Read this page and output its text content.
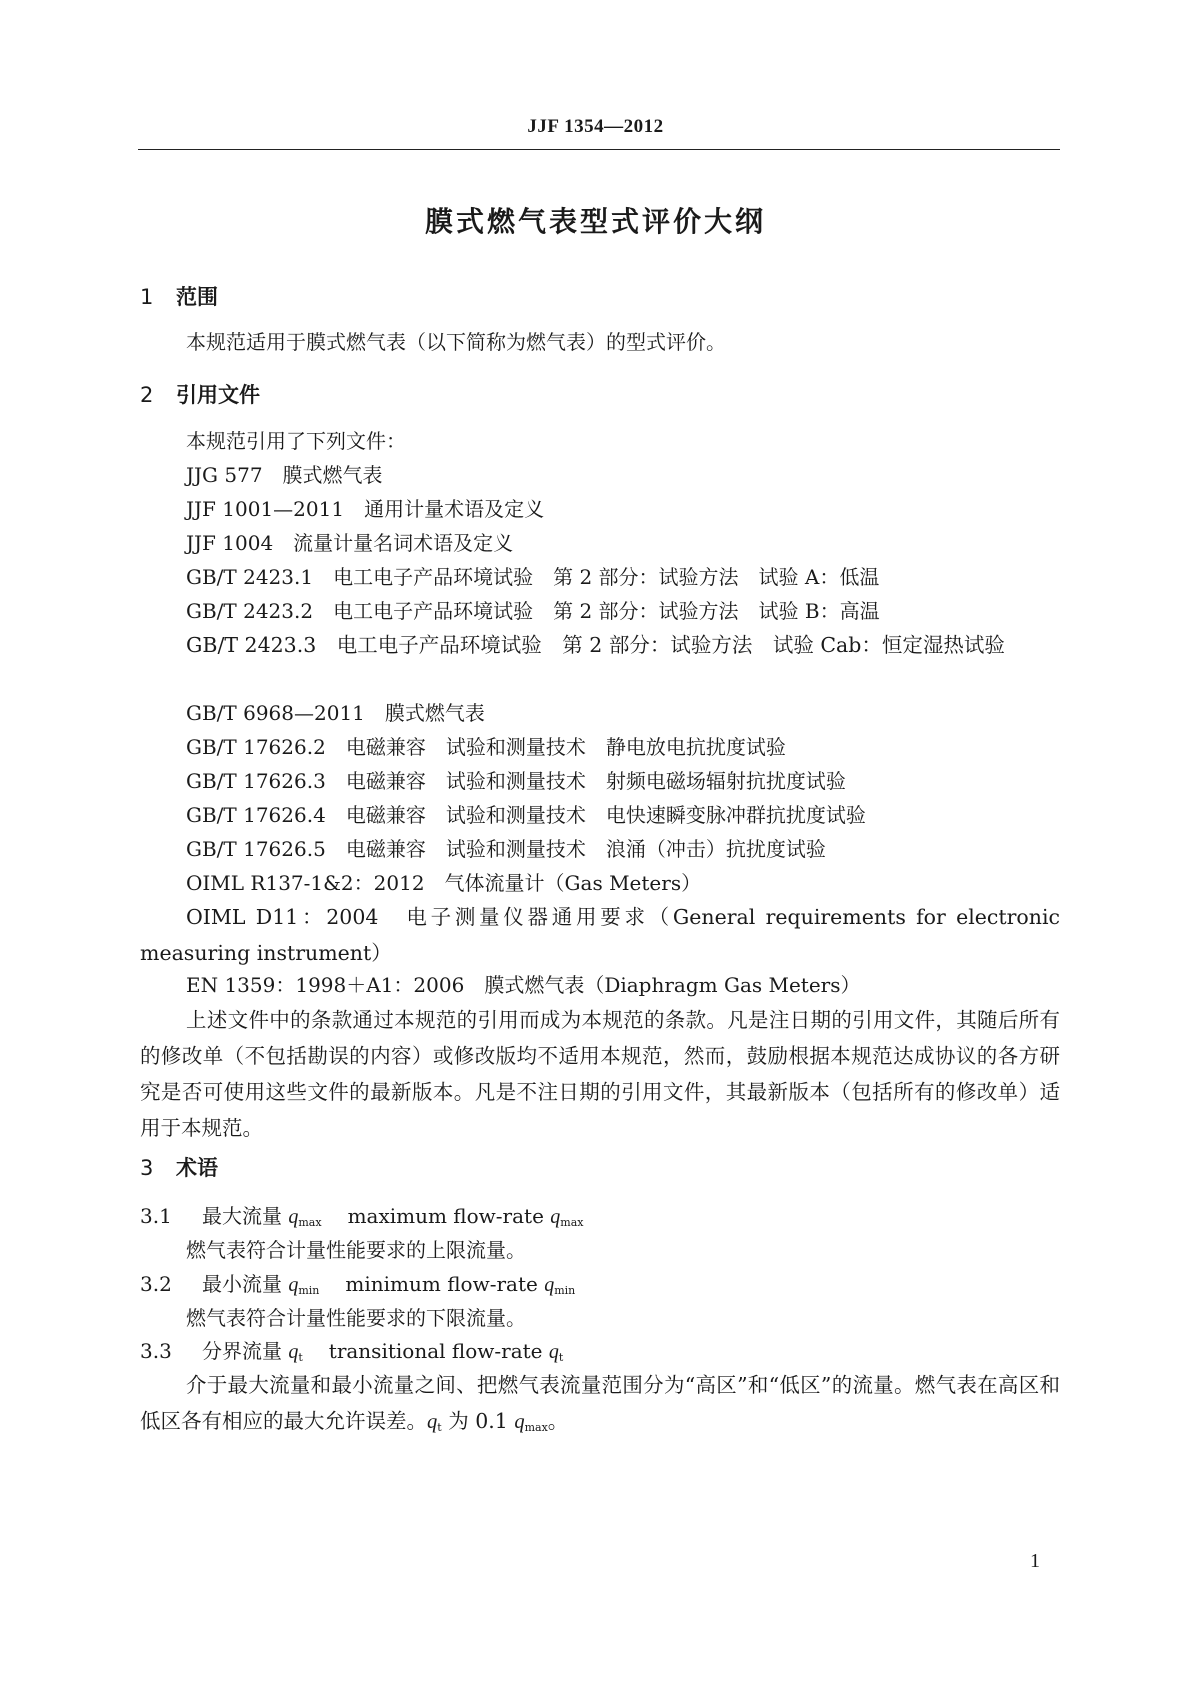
JJF 1354—2012
膜式燃气表型式评价大纲
1 范围
本规范适用于膜式燃气表（以下简称为燃气表）的型式评价。
2 引用文件
本规范引用了下列文件：
JJG 577　膜式燃气表
JJF 1001—2011　通用计量术语及定义
JJF 1004　流量计量名词术语及定义
GB/T 2423.1　电工电子产品环境试验　第 2 部分：试验方法　试验 A：低温
GB/T 2423.2　电工电子产品环境试验　第 2 部分：试验方法　试验 B：高温
GB/T 2423.3　电工电子产品环境试验　第 2 部分：试验方法　试验 Cab：恒定湿热试验
GB/T 6968—2011　膜式燃气表
GB/T 17626.2　电磁兼容　试验和测量技术　静电放电抗扰度试验
GB/T 17626.3　电磁兼容　试验和测量技术　射频电磁场辐射抗扰度试验
GB/T 17626.4　电磁兼容　试验和测量技术　电快速瞬变脉冲群抗扰度试验
GB/T 17626.5　电磁兼容　试验和测量技术　浪涌（冲击）抗扰度试验
OIML R137-1&2：2012　气体流量计（Gas Meters）
OIML D11：2004　电子测量仪器通用要求（General requirements for electronic measuring instrument）
EN 1359：1998＋A1：2006　膜式燃气表（Diaphragm Gas Meters）
上述文件中的条款通过本规范的引用而成为本规范的条款。凡是注日期的引用文件，其随后所有的修改单（不包括勘误的内容）或修改版均不适用本规范，然而，鼓励根据本规范达成协议的各方研究是否可使用这些文件的最新版本。凡是不注日期的引用文件，其最新版本（包括所有的修改单）适用于本规范。
3 术语
3.1 最大流量 $q_{max}$ maximum flow-rate $q_{max}$
燃气表符合计量性能要求的上限流量。
3.2 最小流量 $q_{min}$ minimum flow-rate $q_{min}$
燃气表符合计量性能要求的下限流量。
3.3 分界流量 $q_t$ transitional flow-rate $q_t$
介于最大流量和最小流量之间、把燃气表流量范围分为“高区”和“低区”的流量。燃气表在高区和低区各有相应的最大允许误差。$q_t$ 为 0.1 $q_{max}$。
1
